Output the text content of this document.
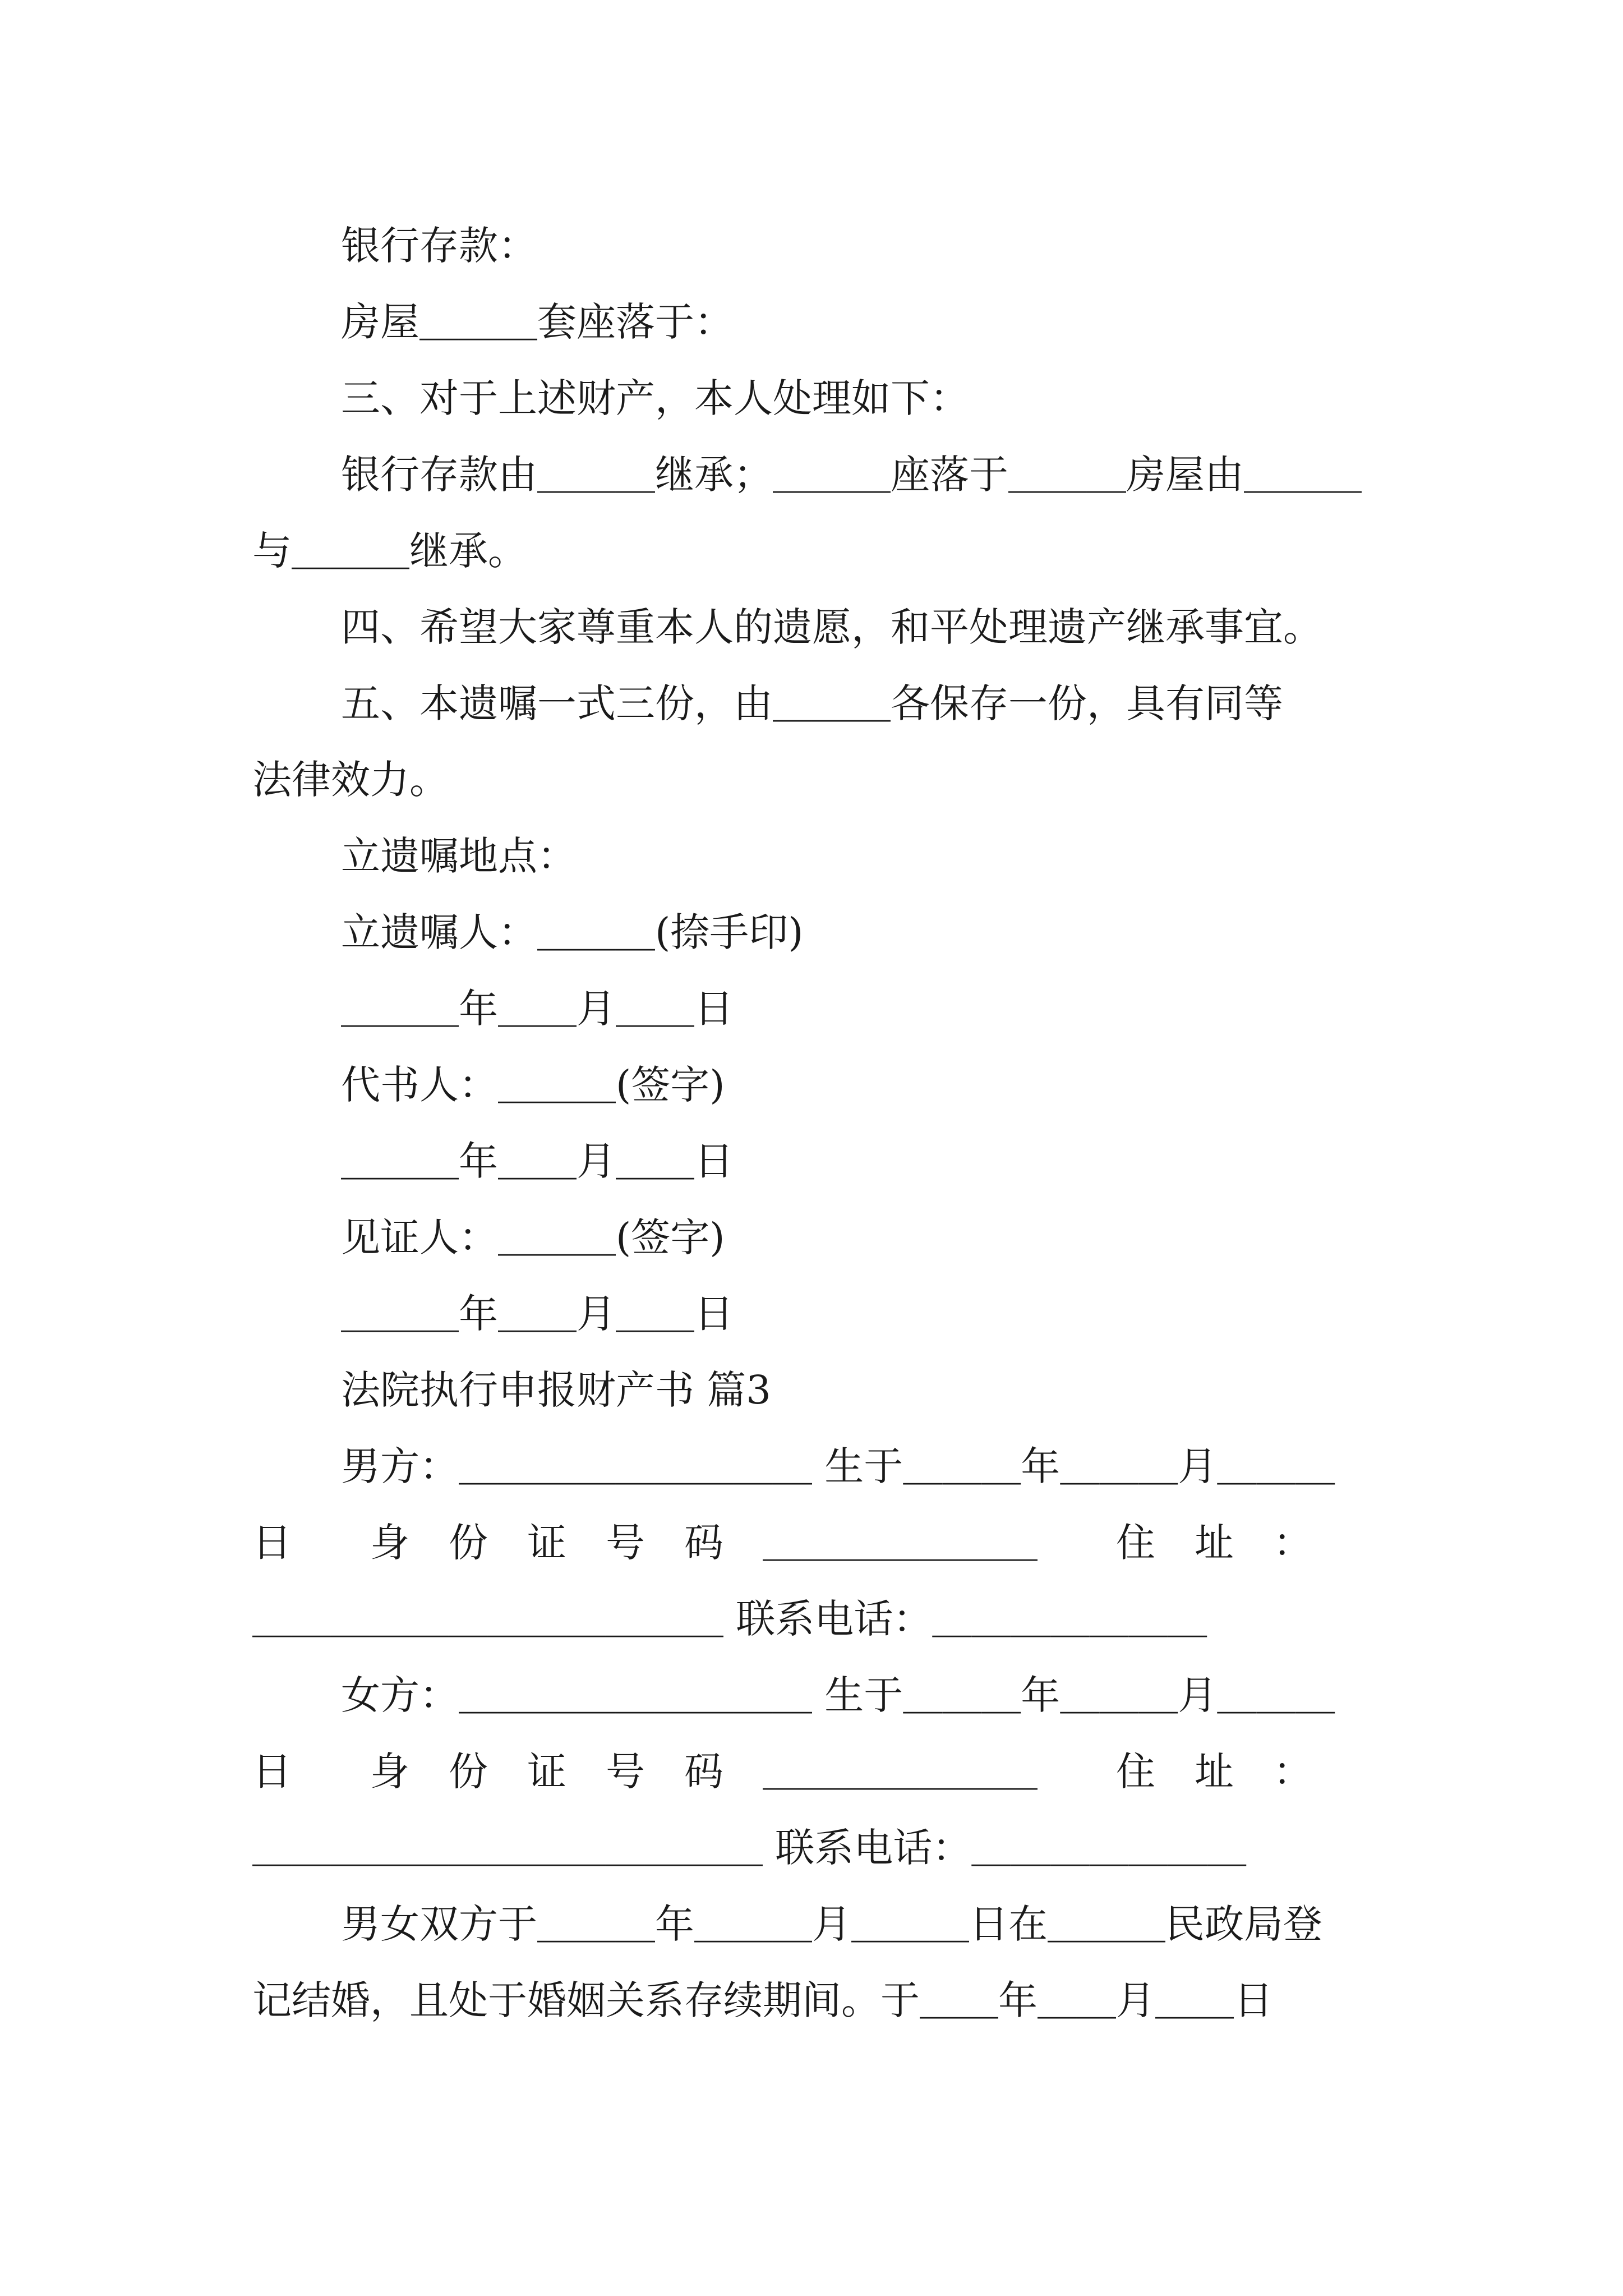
银行存款：
房屋＿＿＿套座落于：
三、对于上述财产，本人处理如下：
银行存款由＿＿＿继承；＿＿＿座落于＿＿＿房屋由＿＿＿
与＿＿＿继承。
四、希望大家尊重本人的遗愿，和平处理遗产继承事宜。
五、本遗嘱一式三份，由＿＿＿各保存一份，具有同等
法律效力。
立遗嘱地点：
立遗嘱人：＿＿＿(捺手印)
＿＿＿年＿＿月＿＿日
代书人：＿＿＿(签字)
＿＿＿年＿＿月＿＿日
见证人：＿＿＿(签字)
＿＿＿年＿＿月＿＿日
法院执行申报财产书 篇3
男方：＿＿＿＿＿＿＿＿＿ 生于＿＿＿年＿＿＿月＿＿＿
日　　身　份　证　号　码　＿＿＿＿＿＿＿　　住　址　：
＿＿＿＿＿＿＿＿＿＿＿＿ 联系电话：＿＿＿＿＿＿＿
女方：＿＿＿＿＿＿＿＿＿ 生于＿＿＿年＿＿＿月＿＿＿
日　　身　份　证　号　码　＿＿＿＿＿＿＿　　住　址　：
＿＿＿＿＿＿＿＿＿＿＿＿＿ 联系电话：＿＿＿＿＿＿＿
男女双方于＿＿＿年＿＿＿月＿＿＿日在＿＿＿民政局登
记结婚，且处于婚姻关系存续期间。于＿＿年＿＿月＿＿日
